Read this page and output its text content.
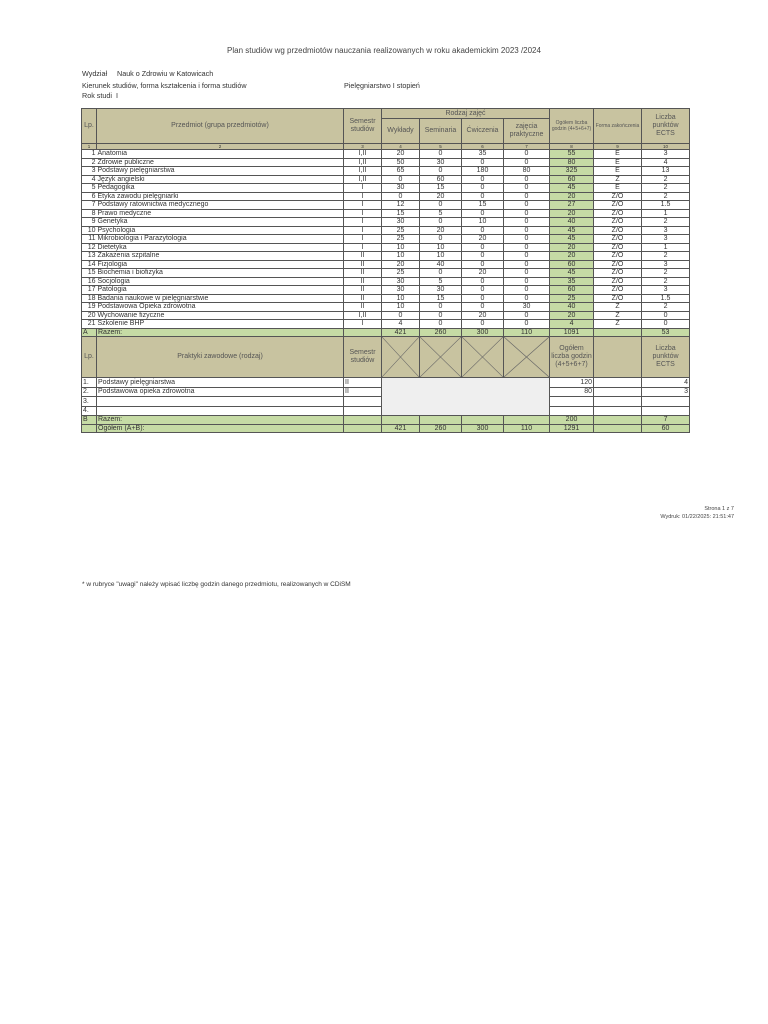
Plan studiów wg przedmiotów nauczania realizowanych w roku akademickim 2023 /2024
Wydział Nauk o Zdrowiu w Katowicach
Kierunek studiów, forma kształcenia i forma studiów	Pielęgniarstwo I stopień
Rok studi I
Lp.	Przedmiot (grupa przedmiotów)	Semestr studiów	Rodzaj zajęć				Ogółem liczba godzin (4+5+6+7)	Forma zakończenia	Liczba punktów ECTS
			Wykłady	Seminaria	Ćwiczenia	zajęcia praktyczne			
1	2	3	4	5	6	7	8	9	10
1	Anatomia	I,II	20	0	35	0	55	E	3
2	Zdrowie publiczne	I,II	50	30	0	0	80	E	4
3	Podstawy pielęgniarstwa	I,II	65	0	180	80	325	E	13
4	Język angielski	I,II	0	60	0	0	60	Z	2
5	Pedagogika	I	30	15	0	0	45	E	2
6	Etyka zawodu pielęgniarki	I	0	20	0	0	20	Z/O	2
7	Podstawy ratownictwa medycznego	I	12	0	15	0	27	Z/O	1.5
8	Prawo medyczne	I	15	5	0	0	20	Z/O	1
9	Genetyka	I	30	0	10	0	40	Z/O	2
10	Psychologia	I	25	20	0	0	45	Z/O	3
11	Mikrobiologia i Parazytologia	I	25	0	20	0	45	Z/O	3
12	Dietetyka	I	10	10	0	0	20	Z/O	1
13	Zakażenia szpitalne	II	10	10	0	0	20	Z/O	2
14	Fizjologia	II	20	40	0	0	60	Z/O	3
15	Biochemia i biofizyka	II	25	0	20	0	45	Z/O	2
16	Socjologia	II	30	5	0	0	35	Z/O	2
17	Patologia	II	30	30	0	0	60	Z/O	3
18	Badania naukowe w pielęgniarstwie	II	10	15	0	0	25	Z/O	1.5
19	Podstawowa Opieka zdrowotna	II	10	0	0	30	40	Z	2
20	Wychowanie fizyczne	I,II	0	0	20	0	20	Z	0
21	Szkolenie BHP	I	4	0	0	0	4	Z	0
A	Razem:		421	260	300	110	1091		53
Lp.	Praktyki zawodowe (rodzaj)	Semestr studiów					Ogółem liczba godzin (4+5+6+7)		Liczba punktów ECTS
1.	Podstawy pielęgniarstwa	II					120		4
2.	Podstawowa opieka zdrowotna	II					80		3
3.									
4.									
B	Razem:						200		7
	Ogółem (A+B):		421	260	300	110	1291		60
Strona 1 z 7
Wydruk: 01/22/2025: 21:51:47
* w rubryce "uwagi" należy wpisać liczbę godzin danego przedmiotu, realizowanych w CDiSM
